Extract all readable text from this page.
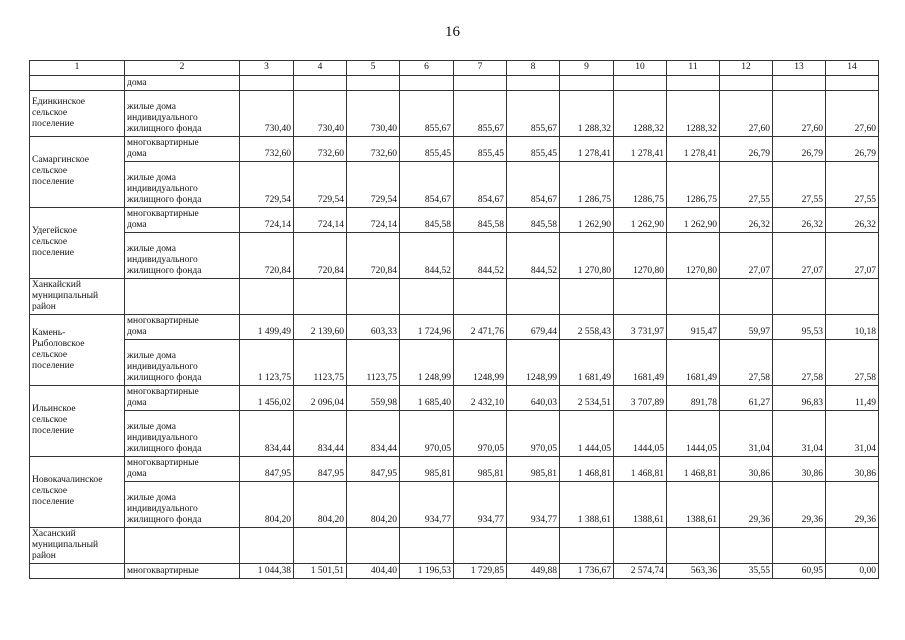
16
1	2	3	4	5	6	7	8	9	10	11	12	13	14
	дома												
Единкинское
сельское
поселение	жилые дома
индивидуального
жилищного фонда	730,40	730,40	730,40	855,67	855,67	855,67	1 288,32	1288,32	1288,32	27,60	27,60	27,60
Самаргинское
сельское
поселение	многоквартирные
дома	732,60	732,60	732,60	855,45	855,45	855,45	1 278,41	1 278,41	1 278,41	26,79	26,79	26,79
	жилые дома
индивидуального
жилищного фонда	729,54	729,54	729,54	854,67	854,67	854,67	1 286,75	1286,75	1286,75	27,55	27,55	27,55
Удегейское
сельское
поселение	многоквартирные
дома	724,14	724,14	724,14	845,58	845,58	845,58	1 262,90	1 262,90	1 262,90	26,32	26,32	26,32
	жилые дома
индивидуального
жилищного фонда	720,84	720,84	720,84	844,52	844,52	844,52	1 270,80	1270,80	1270,80	27,07	27,07	27,07
Ханкайский
муниципальный
район													
Камень-
Рыболовское
сельское
поселение	многоквартирные
дома	1 499,49	2 139,60	603,33	1 724,96	2 471,76	679,44	2 558,43	3 731,97	915,47	59,97	95,53	10,18
	жилые дома
индивидуального
жилищного фонда	1 123,75	1123,75	1123,75	1 248,99	1248,99	1248,99	1 681,49	1681,49	1681,49	27,58	27,58	27,58
Ильинское
сельское
поселение	многоквартирные
дома	1 456,02	2 096,04	559,98	1 685,40	2 432,10	640,03	2 534,51	3 707,89	891,78	61,27	96,83	11,49
	жилые дома
индивидуального
жилищного фонда	834,44	834,44	834,44	970,05	970,05	970,05	1 444,05	1444,05	1444,05	31,04	31,04	31,04
Новокачалинское
сельское
поселение	многоквартирные
дома	847,95	847,95	847,95	985,81	985,81	985,81	1 468,81	1 468,81	1 468,81	30,86	30,86	30,86
	жилые дома
индивидуального
жилищного фонда	804,20	804,20	804,20	934,77	934,77	934,77	1 388,61	1388,61	1388,61	29,36	29,36	29,36
Хасанский
муниципальный
район													
	многоквартирные	1 044,38	1 501,51	404,40	1 196,53	1 729,85	449,88	1 736,67	2 574,74	563,36	35,55	60,95	0,00
